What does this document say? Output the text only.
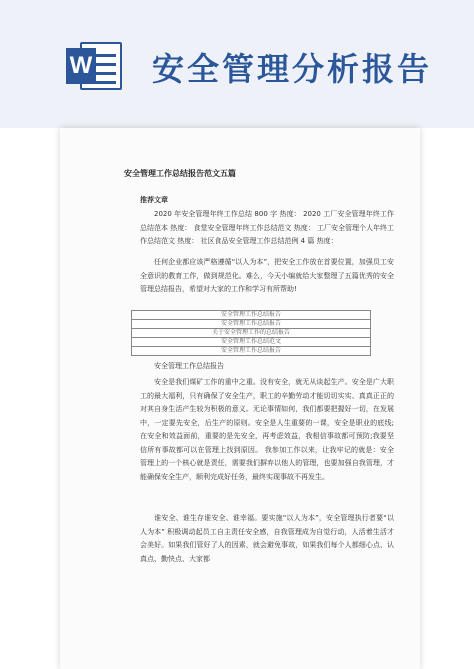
W 安全管理分析报告
安全管理工作总结报告范文五篇
推荐文章
2020 年安全管理年终工作总结 800 字 热度： 2020 工厂安全管理年终工作总结范本 热度： 食堂安全管理年终工作总结范文 热度： 工厂安全管理个人年终工作总结范文 热度： 社区食品安全管理工作总结范例 4 篇 热度：
任何企业都应该严格遵循“以人为本”，把安全工作放在首要位置，加强员工安全意识的教育工作，做到规范化。难么，今天小编就给大家整理了五篇优秀的安全管理总结报告，希望对大家的工作和学习有所帮助!
安全管理工作总结报告
安全管理工作总结报告
关于安全管理工作的总结报告
安全管理工作总结范文
安全管理工作总结报告
安全管理工作总结报告
安全是我们煤矿工作的重中之重。没有安全，就无从谈起生产。安全是广大职工的最大福利，只有确保了安全生产，职工的辛勤劳动才能切切实实、真真正正的对其自身生活产生较为积极的意义。无论事情如何，我们都要把握好一切，在发展中，一定要先安全，后生产的原则。安全是人生重要的一课，安全是职业的底线;在安全和效益面前，重要的是先安全，再考虑效益，我相信事故都可预防;我要坚信所有事故都可以在管理上找到原因。 我参加工作以来，让我牢记的就是：安全管理上的一个核心就是责任，需要我们摒弃以他人的管理，也要加强自我管理，才能确保安全生产，顺利完成好任务，最终实现事故不再发生。
谁安全、谁生存谁安全、谁幸福。要实施“以人为本”，安全管理执行者要“以人为本” 积极调动起员工自主责任安全感，自我管理成为自觉行动，人活着生活才会美好。如果我们管好了人的因素，就会避免事故，如果我们每个人都细心点、认真点、勤快点、大家都
